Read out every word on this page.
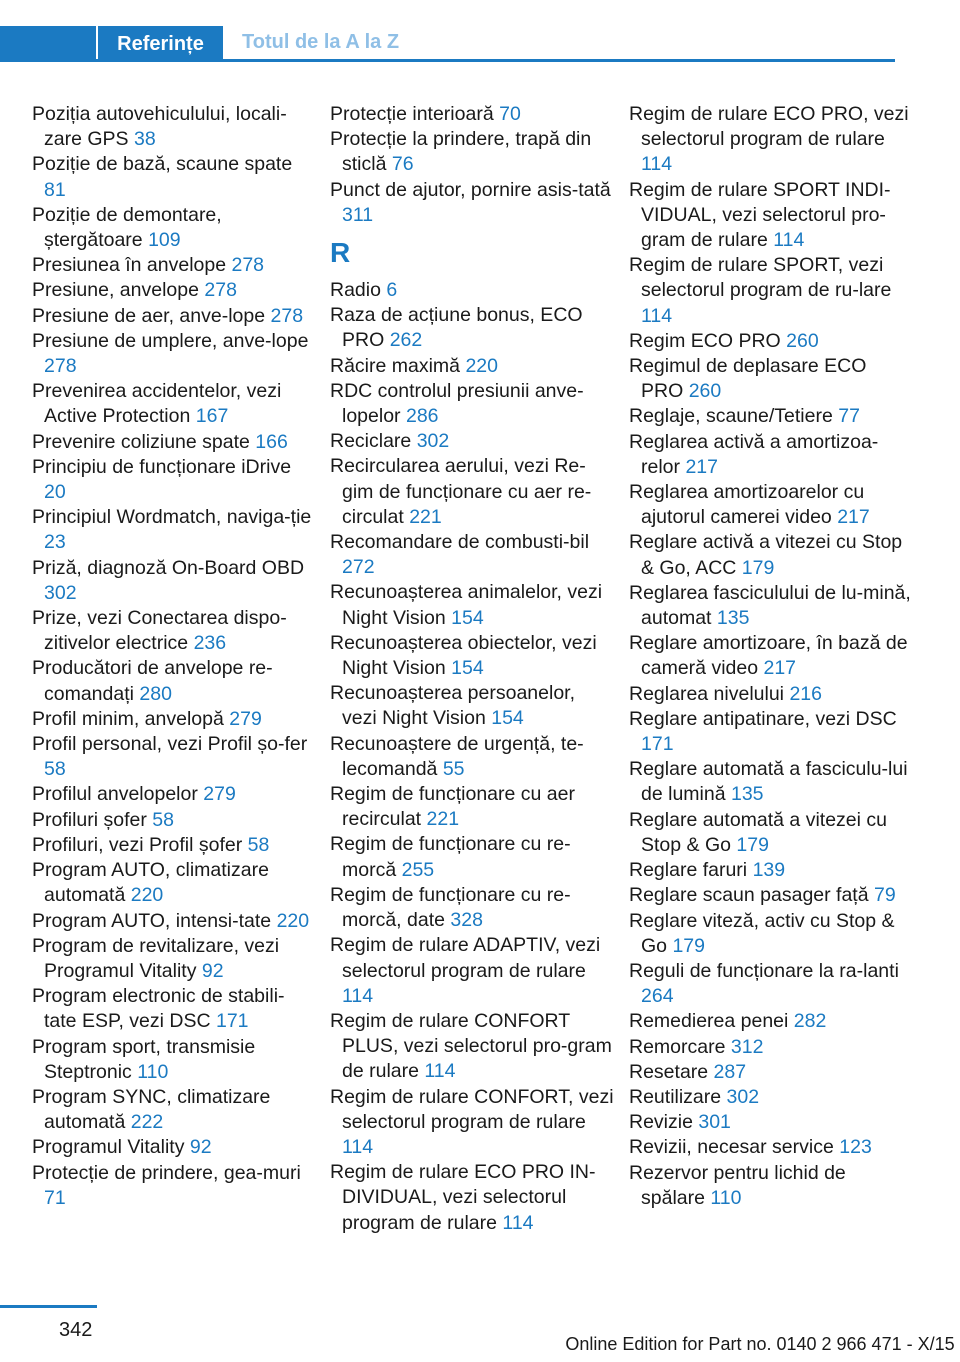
Referințe	Totul de la A la Z
Poziția autovehiculului, locali-zare GPS 38
Poziție de bază, scaune spate 81
Poziție de demontare, ștergătoare 109
Presiunea în anvelope 278
Presiune, anvelope 278
Presiune de aer, anve-lope 278
Presiune de umplere, anve-lope 278
Prevenirea accidentelor, vezi Active Protection 167
Prevenire coliziune spate 166
Principiu de funcționare iDrive 20
Principiul Wordmatch, naviga-ție 23
Priză, diagnoză On-Board OBD 302
Prize, vezi Conectarea dispo-zitivelor electrice 236
Producători de anvelope re-comandați 280
Profil minim, anvelopă 279
Profil personal, vezi Profil șo-fer 58
Profilul anvelopelor 279
Profiluri șofer 58
Profiluri, vezi Profil șofer 58
Program AUTO, climatizare automată 220
Program AUTO, intensi-tate 220
Program de revitalizare, vezi Programul Vitality 92
Program electronic de stabili-tate ESP, vezi DSC 171
Program sport, transmisie Steptronic 110
Program SYNC, climatizare automată 222
Programul Vitality 92
Protecție de prindere, gea-muri 71
Protecție interioară 70
Protecție la prindere, trapă din sticlă 76
Punct de ajutor, pornire asis-tată 311
R
Radio 6
Raza de acțiune bonus, ECO PRO 262
Răcire maximă 220
RDC controlul presiunii anve-lopelor 286
Reciclare 302
Recircularea aerului, vezi Re-gim de funcționare cu aer re-circulat 221
Recomandare de combusti-bil 272
Recunoașterea animalelor, vezi Night Vision 154
Recunoașterea obiectelor, vezi Night Vision 154
Recunoașterea persoanelor, vezi Night Vision 154
Recunoaștere de urgență, te-lecomandă 55
Regim de funcționare cu aer recirculat 221
Regim de funcționare cu re-morcă 255
Regim de funcționare cu re-morcă, date 328
Regim de rulare ADAPTIV, vezi selectorul program de rulare 114
Regim de rulare CONFORT PLUS, vezi selectorul pro-gram de rulare 114
Regim de rulare CONFORT, vezi selectorul program de rulare 114
Regim de rulare ECO PRO IN-DIVIDUAL, vezi selectorul program de rulare 114
Regim de rulare ECO PRO, vezi selectorul program de rulare 114
Regim de rulare SPORT INDI-VIDUAL, vezi selectorul pro-gram de rulare 114
Regim de rulare SPORT, vezi selectorul program de ru-lare 114
Regim ECO PRO 260
Regimul de deplasare ECO PRO 260
Reglaje, scaune/Tetiere 77
Reglarea activă a amortizoa-relor 217
Reglarea amortizoarelor cu ajutorul camerei video 217
Reglare activă a vitezei cu Stop & Go, ACC 179
Reglarea fasciculului de lu-mină, automat 135
Reglare amortizoare, în bază de cameră video 217
Reglarea nivelului 216
Reglare antipatinare, vezi DSC 171
Reglare automată a fasciculu-lui de lumină 135
Reglare automată a vitezei cu Stop & Go 179
Reglare faruri 139
Reglare scaun pasager față 79
Reglare viteză, activ cu Stop & Go 179
Reguli de funcționare la ra-lanti 264
Remedierea penei 282
Remorcare 312
Resetare 287
Reutilizare 302
Revizie 301
Revizii, necesar service 123
Rezervor pentru lichid de spălare 110
342
Online Edition for Part no. 0140 2 966 471 - X/15
